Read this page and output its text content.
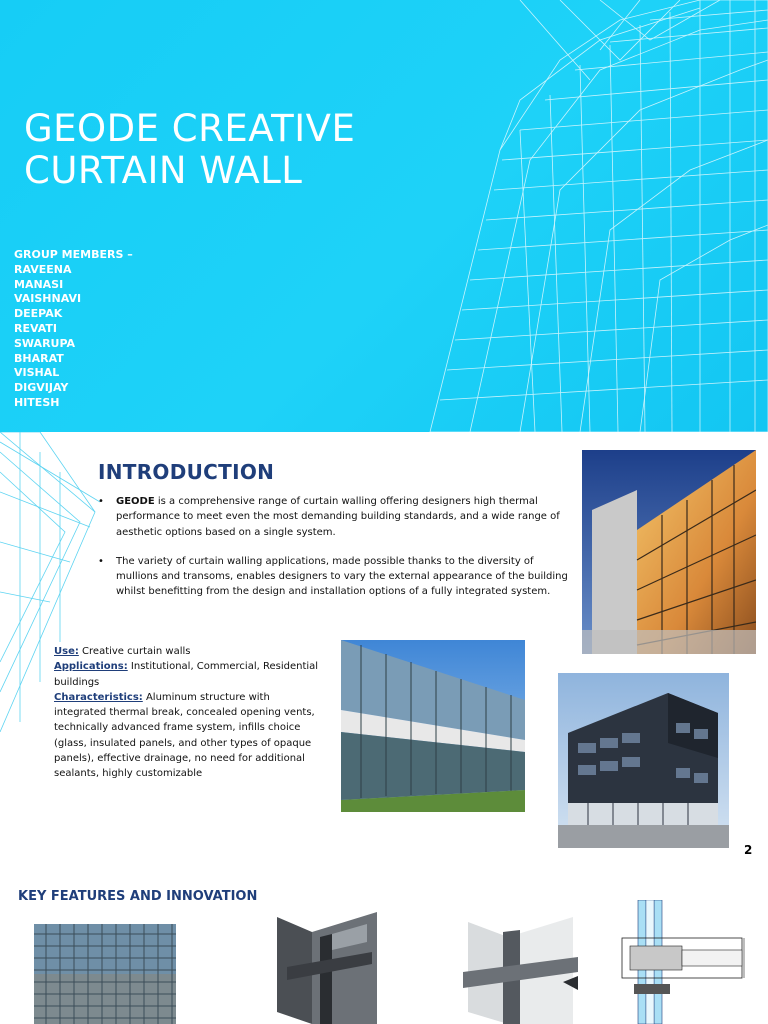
GEODE CREATIVE
CURTAIN WALL
GROUP MEMBERS –
RAVEENA
MANASI
VAISHNAVI
DEEPAK
REVATI
SWARUPA
BHARAT
VISHAL
DIGVIJAY
HITESH
INTRODUCTION

• GEODE is a comprehensive range of curtain walling offering designers high thermal performance to meet even the most demanding building standards, and a wide range of aesthetic options based on a single system.

• The variety of curtain walling applications, made possible thanks to the diversity of mullions and transoms, enables designers to vary the external appearance of the building whilst benefitting from the design and installation options of a fully integrated system.

Use: Creative curtain walls
Applications: Institutional, Commercial, Residential buildings
Characteristics: Aluminum structure with integrated thermal break, concealed opening vents, technically advanced frame system, infills choice (glass, insulated panels, and other types of opaque panels), effective drainage, no need for additional sealants, highly customizable
2
KEY FEATURES AND INNOVATION
